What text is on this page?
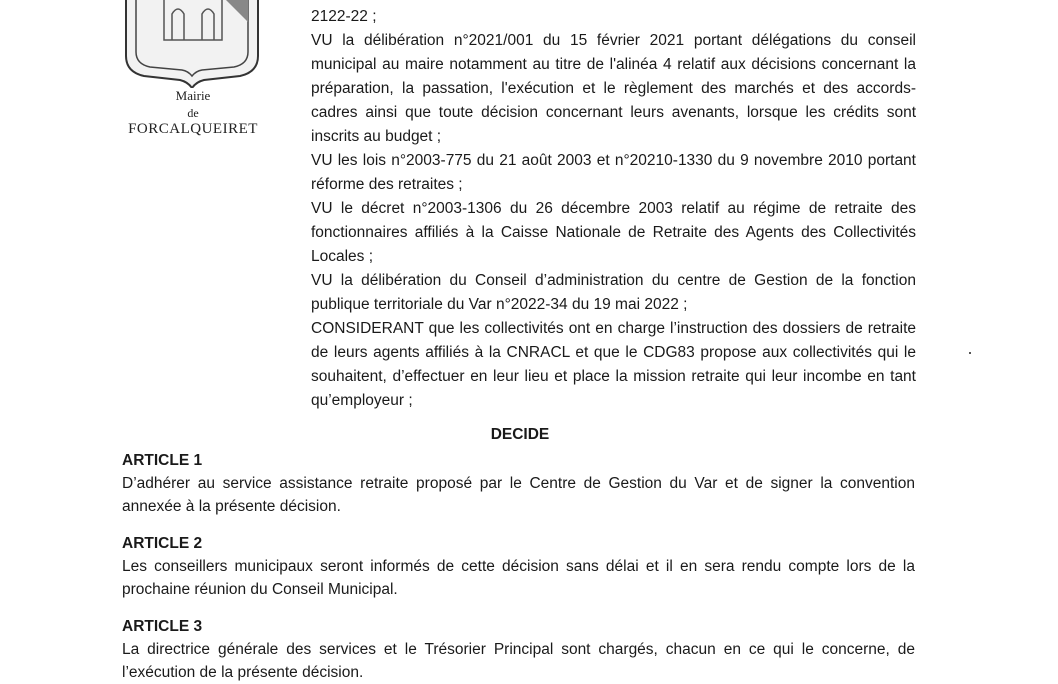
Mairie
de
FORCALQUEIRET

2122-22 ;

VU la délibération n°2021/001 du 15 février 2021 portant délégations du conseil municipal au maire notamment au titre de l'alinéa 4 relatif aux décisions concernant la préparation, la passation, l'exécution et le règlement des marchés et des accords-cadres ainsi que toute décision concernant leurs avenants, lorsque les crédits sont inscrits au budget ;

VU les lois n°2003-775 du 21 août 2003 et n°20210-1330 du 9 novembre 2010 portant réforme des retraites ;

VU le décret n°2003-1306 du 26 décembre 2003 relatif au régime de retraite des fonctionnaires affiliés à la Caisse Nationale de Retraite des Agents des Collectivités Locales ;

VU la délibération du Conseil d’administration du centre de Gestion de la fonction publique territoriale du Var n°2022-34 du 19 mai 2022 ;

CONSIDERANT que les collectivités ont en charge l’instruction des dossiers de retraite de leurs agents affiliés à la CNRACL et que le CDG83 propose aux collectivités qui le souhaitent, d’effectuer en leur lieu et place la mission retraite qui leur incombe en tant qu’employeur ;

DECIDE
ARTICLE 1

D’adhérer au service assistance retraite proposé par le Centre de Gestion du Var et de signer la convention annexée à la présente décision.

ARTICLE 2

Les conseillers municipaux seront informés de cette décision sans délai et il en sera rendu compte lors de la prochaine réunion du Conseil Municipal.

ARTICLE 3

La directrice générale des services et le Trésorier Principal sont chargés, chacun en ce qui le concerne, de l’exécution de la présente décision.
